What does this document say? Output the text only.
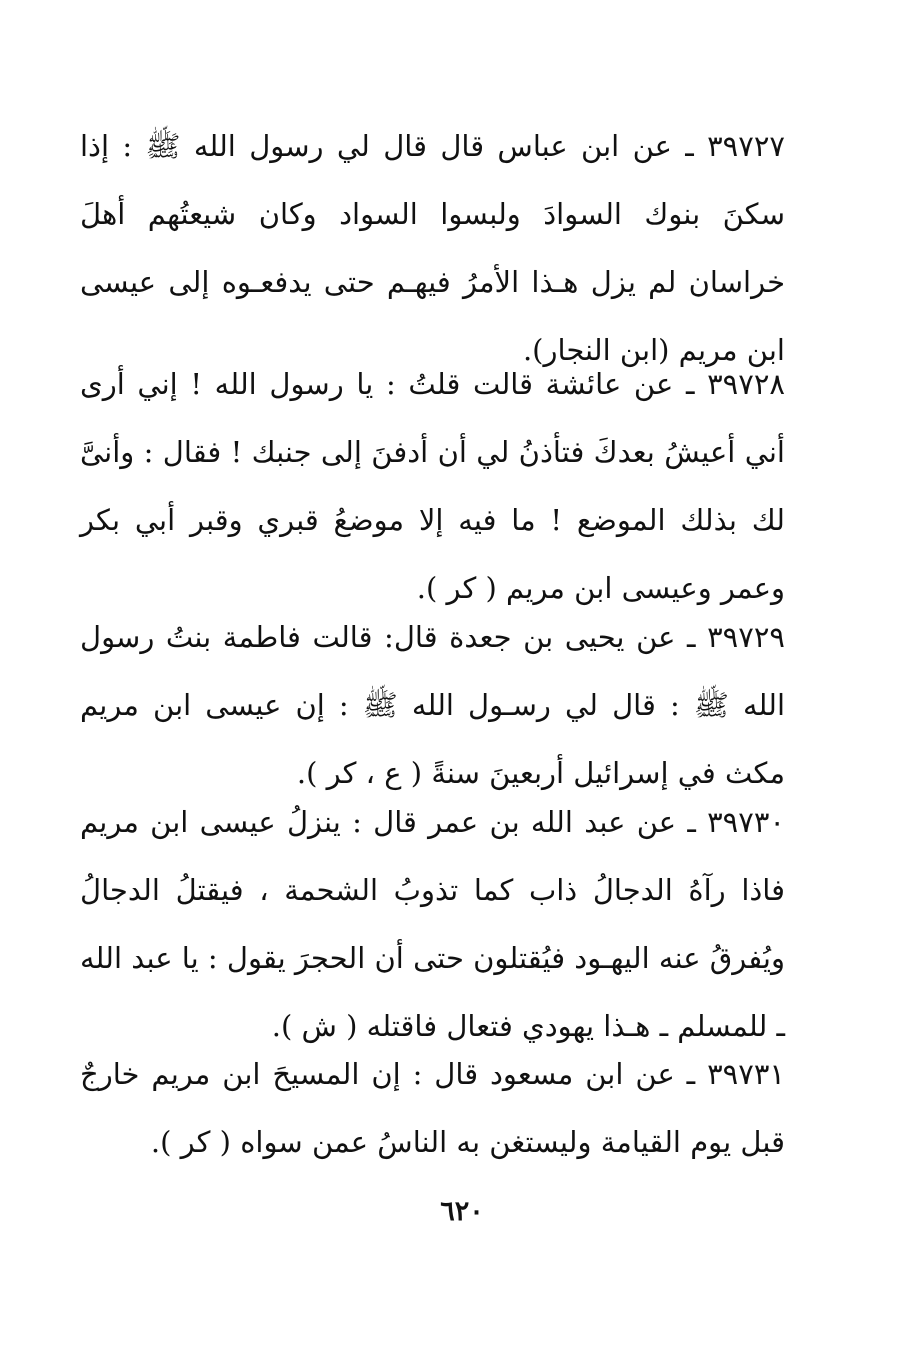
٣٩٧٢٧ ـ عن ابن عباس قال قال لي رسول الله ﷺ : إذا سكنَ بنوك السوادَ ولبسوا السواد وكان شيعتُهم أهلَ خراسان لم يزل هـذا الأمرُ فيهـم حتى يدفعـوه إلى عيسى ابن مريم (ابن النجار).

٣٩٧٢٨ ـ عن عائشة قالت قلتُ : يا رسول الله ! إني أرى أني أعيشُ بعدكَ فتأذنُ لي أن أدفنَ إلى جنبك ! فقال : وأنىَّ لك بذلك الموضع ! ما فيه إلا موضعُ قبري وقبر أبي بكر وعمر وعيسى ابن مريم ( كر ).

٣٩٧٢٩ ـ عن يحيى بن جعدة قال: قالت فاطمة بنتُ رسول الله ﷺ : قال لي رسـول الله ﷺ : إن عيسى ابن مريم مكث في إسرائيل أربعينَ سنةً ( ع ، كر ).

٣٩٧٣٠ ـ عن عبد الله بن عمر قال : ينزلُ عيسى ابن مريم فاذا رآهُ الدجالُ ذاب كما تذوبُ الشحمة ، فيقتلُ الدجالُ ويُفرقُ عنه اليهـود فيُقتلون حتى أن الحجرَ يقول : يا عبد الله ـ للمسلم ـ هـذا يهودي فتعال فاقتله ( ش ).

٣٩٧٣١ ـ عن ابن مسعود قال : إن المسيحَ ابن مريم خارجٌ قبل يوم القيامة وليستغن به الناسُ عمن سواه ( كر ).

٦٢٠
